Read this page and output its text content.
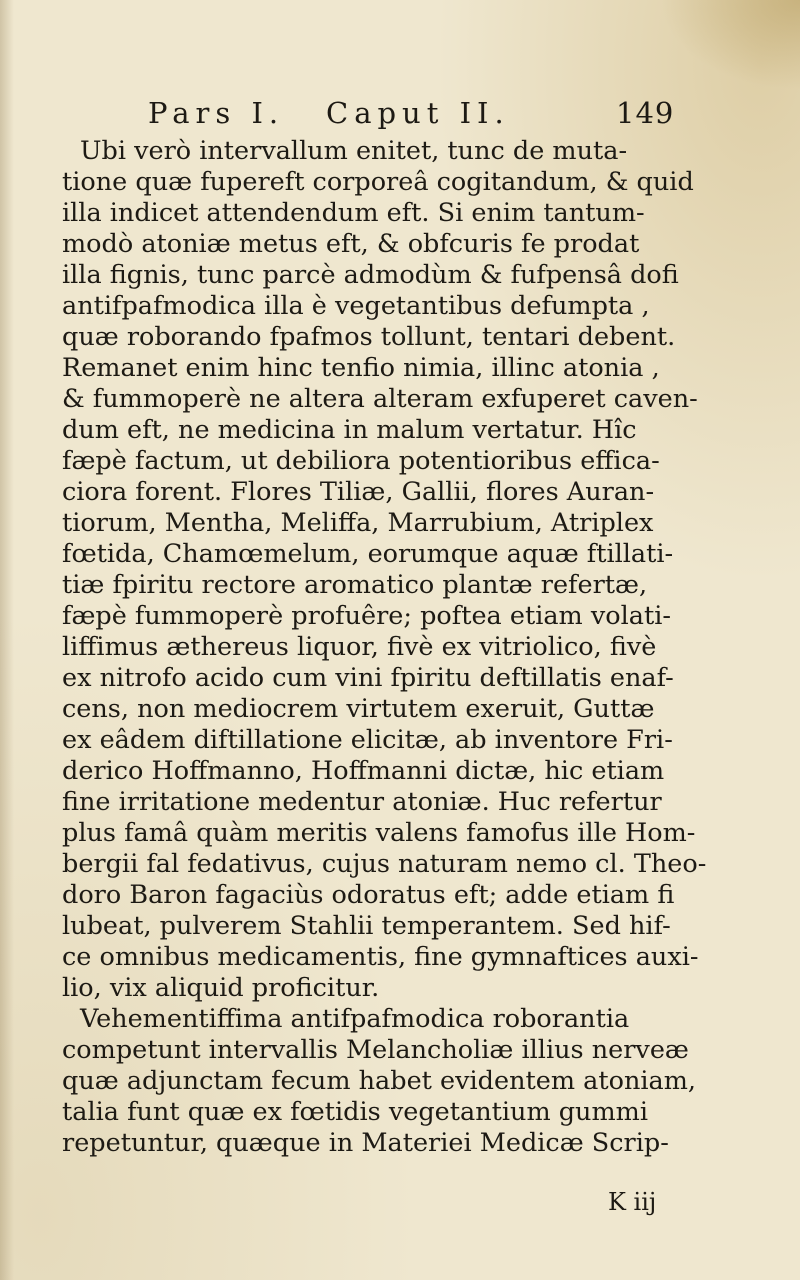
Pars I. Caput II.	149
Ubi verò intervallum enitet, tunc de muta-
tione quæ fupereft corporeâ cogitandum, & quid
illa indicet attendendum eft. Si enim tantum-
modò atoniæ metus eft, & obfcuris fe prodat
illa fignis, tunc parcè admodùm & fufpensâ dofi
antifpafmodica illa è vegetantibus defumpta ,
quæ roborando fpafmos tollunt, tentari debent.
Remanet enim hinc tenfio nimia, illinc atonia ,
& fummoperè ne altera alteram exfuperet caven-
dum eft, ne medicina in malum vertatur. Hîc
fæpè factum, ut debiliora potentioribus effica-
ciora forent. Flores Tiliæ, Gallii, flores Auran-
tiorum, Mentha, Meliffa, Marrubium, Atriplex
fœtida, Chamœmelum, eorumque aquæ ftillati-
tiæ fpiritu rectore aromatico plantæ refertæ,
fæpè fummoperè profuêre; poftea etiam volati-
liffimus æthereus liquor, fivè ex vitriolico, fivè
ex nitrofo acido cum vini fpiritu deftillatis enaf-
cens, non mediocrem virtutem exeruit, Guttæ
ex eâdem diftillatione elicitæ, ab inventore Fri-
derico Hoffmanno, Hoffmanni dictæ, hic etiam
fine irritatione medentur atoniæ. Huc refertur
plus famâ quàm meritis valens famofus ille Hom-
bergii fal fedativus, cujus naturam nemo cl. Theo-
doro Baron fagaciùs odoratus eft; adde etiam fi
lubeat, pulverem Stahlii temperantem. Sed hif-
ce omnibus medicamentis, fine gymnaftices auxi-
lio, vix aliquid proficitur.
Vehementiffima antifpafmodica roborantia
competunt intervallis Melancholiæ illius nerveæ
quæ adjunctam fecum habet evidentem atoniam,
talia funt quæ ex fœtidis vegetantium gummi
repetuntur, quæque in Materiei Medicæ Scrip-
K iij
